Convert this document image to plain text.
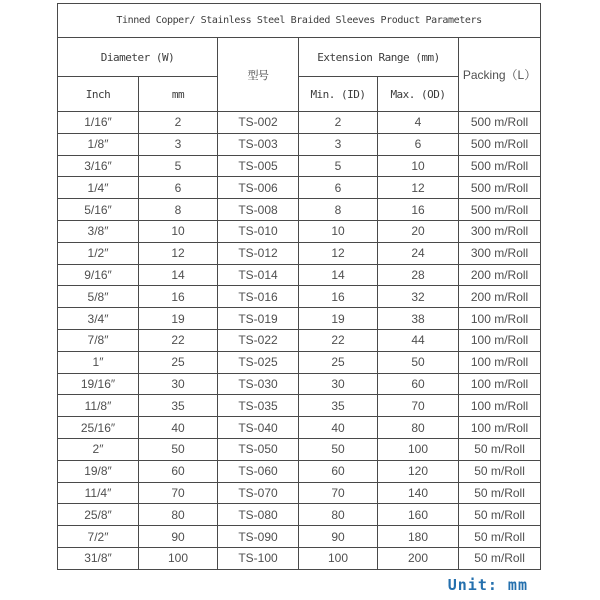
Tinned Copper/ Stainless Steel Braided Sleeves Product Parameters					
Diameter (W)		型号	Extension Range (mm)		Packing（L）
Inch	mm		Min. (ID)	Max. (OD)	
1/16″	2	TS-002	2	4	500 m/Roll
1/8″	3	TS-003	3	6	500 m/Roll
3/16″	5	TS-005	5	10	500 m/Roll
1/4″	6	TS-006	6	12	500 m/Roll
5/16″	8	TS-008	8	16	500 m/Roll
3/8″	10	TS-010	10	20	300 m/Roll
1/2″	12	TS-012	12	24	300 m/Roll
9/16″	14	TS-014	14	28	200 m/Roll
5/8″	16	TS-016	16	32	200 m/Roll
3/4″	19	TS-019	19	38	100 m/Roll
7/8″	22	TS-022	22	44	100 m/Roll
1″	25	TS-025	25	50	100 m/Roll
19/16″	30	TS-030	30	60	100 m/Roll
11/8″	35	TS-035	35	70	100 m/Roll
25/16″	40	TS-040	40	80	100 m/Roll
2″	50	TS-050	50	100	50 m/Roll
19/8″	60	TS-060	60	120	50 m/Roll
11/4″	70	TS-070	70	140	50 m/Roll
25/8″	80	TS-080	80	160	50 m/Roll
7/2″	90	TS-090	90	180	50 m/Roll
31/8″	100	TS-100	100	200	50 m/Roll
Unit: mm
